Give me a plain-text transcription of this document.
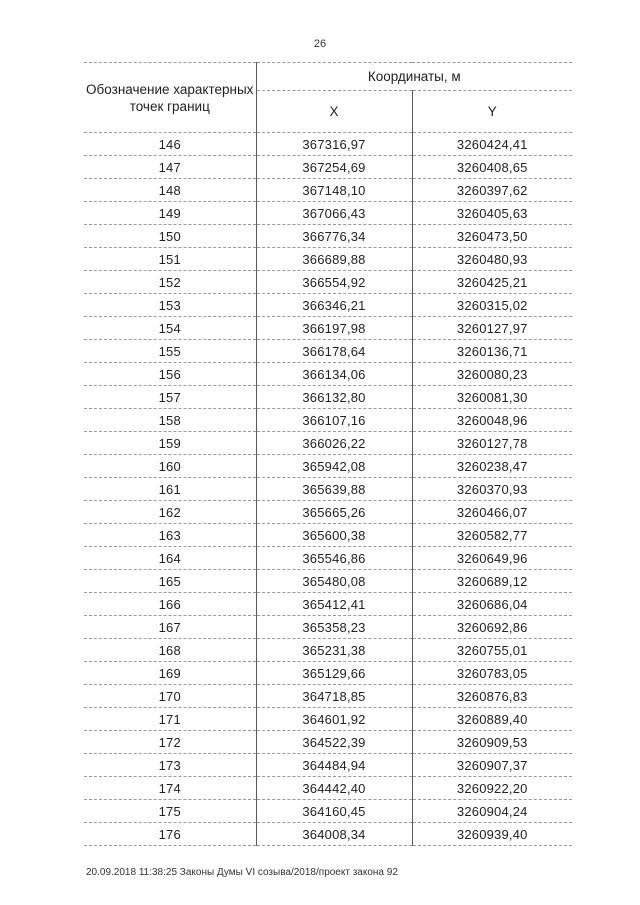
26
Обозначение характерных точек границ	Координаты, м	
	X	Y
146	367316,97	3260424,41
147	367254,69	3260408,65
148	367148,10	3260397,62
149	367066,43	3260405,63
150	366776,34	3260473,50
151	366689,88	3260480,93
152	366554,92	3260425,21
153	366346,21	3260315,02
154	366197,98	3260127,97
155	366178,64	3260136,71
156	366134,06	3260080,23
157	366132,80	3260081,30
158	366107,16	3260048,96
159	366026,22	3260127,78
160	365942,08	3260238,47
161	365639,88	3260370,93
162	365665,26	3260466,07
163	365600,38	3260582,77
164	365546,86	3260649,96
165	365480,08	3260689,12
166	365412,41	3260686,04
167	365358,23	3260692,86
168	365231,38	3260755,01
169	365129,66	3260783,05
170	364718,85	3260876,83
171	364601,92	3260889,40
172	364522,39	3260909,53
173	364484,94	3260907,37
174	364442,40	3260922,20
175	364160,45	3260904,24
176	364008,34	3260939,40
20.09.2018 11:38:25 Законы Думы VI созыва/2018/проект закона 92
